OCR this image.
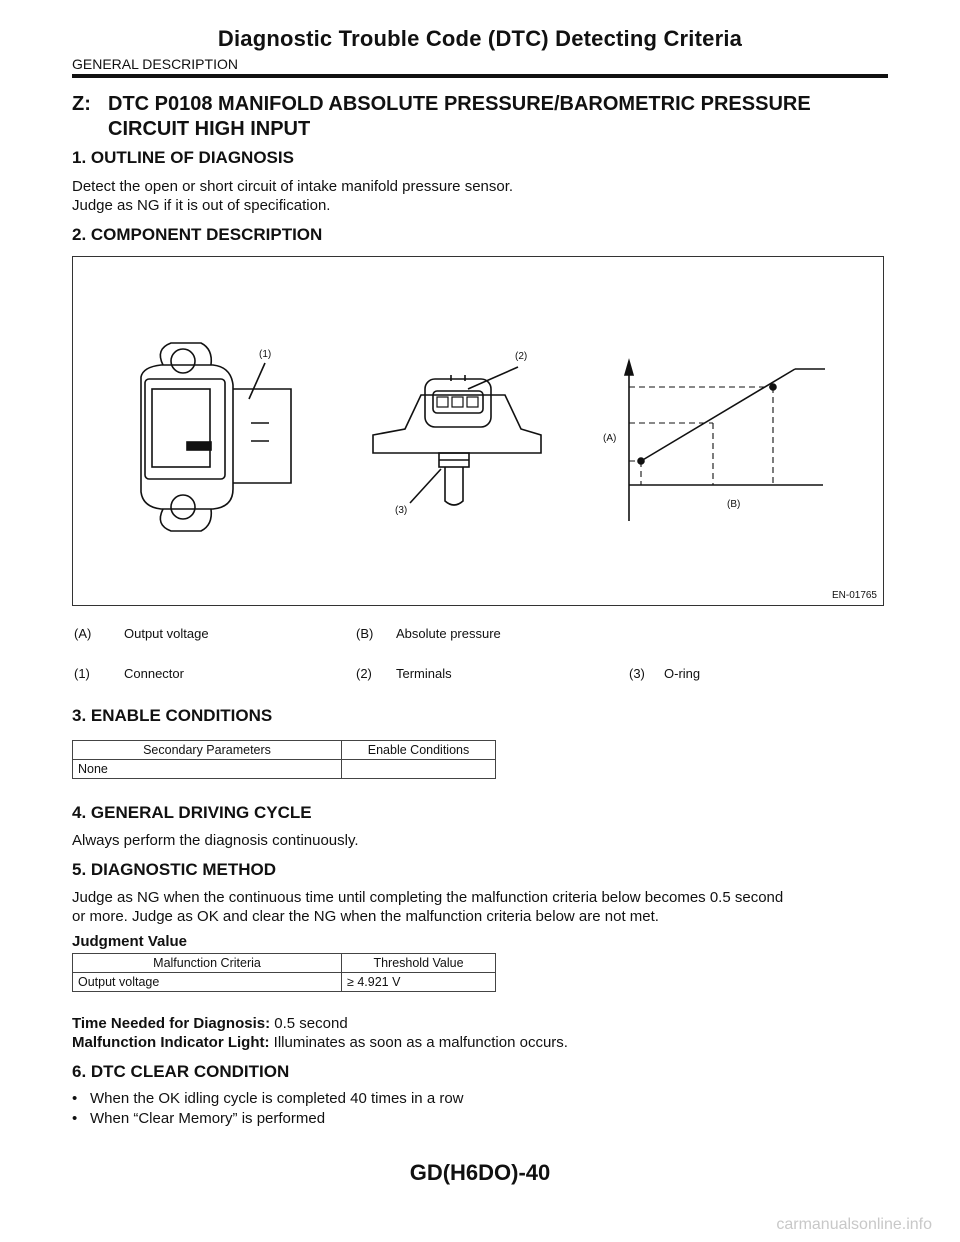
Diagnostic Trouble Code (DTC) Detecting Criteria
GENERAL DESCRIPTION
Z: DTC P0108 MANIFOLD ABSOLUTE PRESSURE/BAROMETRIC PRESSURE
CIRCUIT HIGH INPUT
1. OUTLINE OF DIAGNOSIS

Detect the open or short circuit of intake manifold pressure sensor.

Judge as NG if it is out of specification.

2. COMPONENT DESCRIPTION
(1)	(2)
(3)
(A)
(B)
EN-01765
(A)	Output voltage	(B) Absolute pressure
(1)	Connector	(2) Terminals	(3) O-ring
3. ENABLE CONDITIONS
Secondary Parameters	Enable Conditions
None	
4. GENERAL DRIVING CYCLE

Always perform the diagnosis continuously.

5. DIAGNOSTIC METHOD

Judge as NG when the continuous time until completing the malfunction criteria below becomes 0.5 second

or more. Judge as OK and clear the NG when the malfunction criteria below are not met.

Judgment Value

Malfunction Criteria	Threshold Value
Output voltage	≥ 4.921 V

Time Needed for Diagnosis: 0.5 second

Malfunction Indicator Light: Illuminates as soon as a malfunction occurs.

6. DTC CLEAR CONDITION
• When the OK idling cycle is completed 40 times in a row
• When “Clear Memory” is performed
GD(H6DO)-40
carmanualsonline.info
